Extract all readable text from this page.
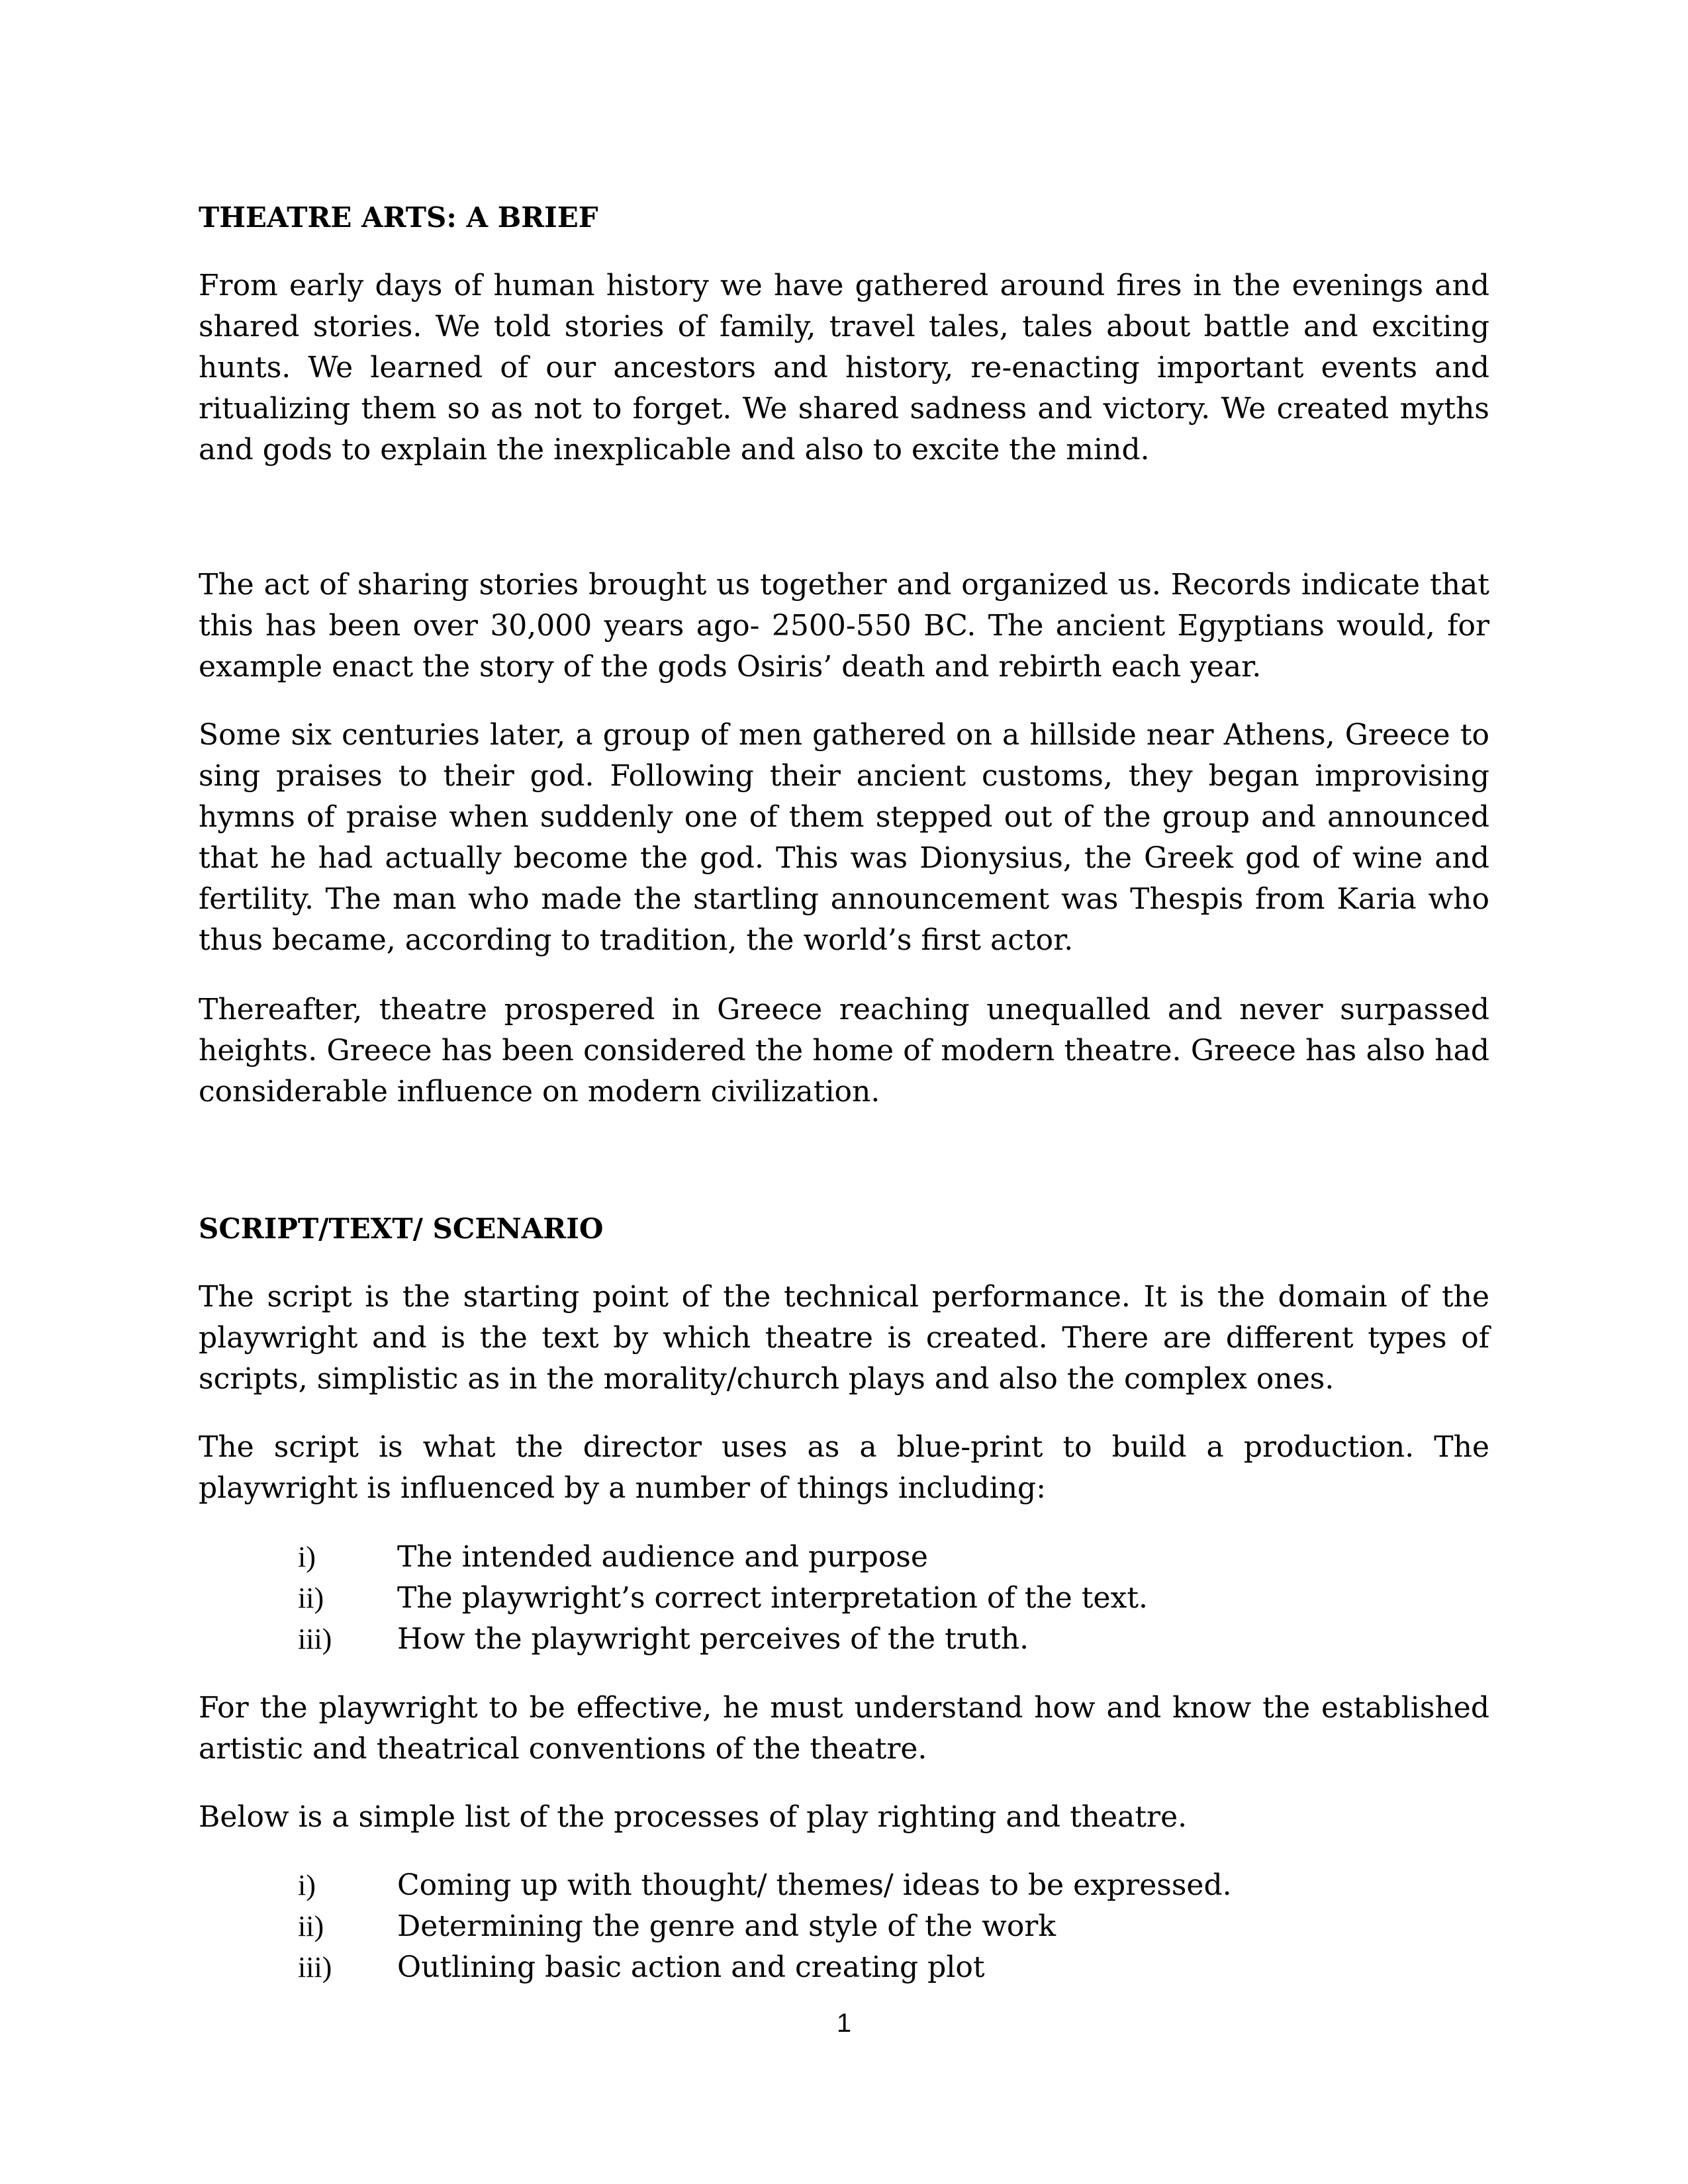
THEATRE ARTS: A BRIEF

From early days of human history we have gathered around fires in the evenings and shared stories. We told stories of family, travel tales, tales about battle and exciting hunts. We learned of our ancestors and history, re-enacting important events and ritualizing them so as not to forget. We shared sadness and victory. We created myths and gods to explain the inexplicable and also to excite the mind.

The act of sharing stories brought us together and organized us. Records indicate that this has been over 30,000 years ago- 2500-550 BC. The ancient Egyptians would, for example enact the story of the gods Osiris’ death and rebirth each year.

Some six centuries later, a group of men gathered on a hillside near Athens, Greece to sing praises to their god. Following their ancient customs, they began improvising hymns of praise when suddenly one of them stepped out of the group and announced that he had actually become the god. This was Dionysius, the Greek god of wine and fertility. The man who made the startling announcement was Thespis from Karia who thus became, according to tradition, the world’s first actor.

Thereafter, theatre prospered in Greece reaching unequalled and never surpassed heights. Greece has been considered the home of modern theatre. Greece has also had considerable influence on modern civilization.

SCRIPT/TEXT/ SCENARIO

The script is the starting point of the technical performance. It is the domain of the playwright and is the text by which theatre is created. There are different types of scripts, simplistic as in the morality/church plays and also the complex ones.

The script is what the director uses as a blue-print to build a production. The playwright is influenced by a number of things including:

i)	The intended audience and purpose
ii)	The playwright’s correct interpretation of the text.
iii)	How the playwright perceives of the truth.

For the playwright to be effective, he must understand how and know the established artistic and theatrical conventions of the theatre.

Below is a simple list of the processes of play righting and theatre.

i)	Coming up with thought/ themes/ ideas to be expressed.
ii)	Determining the genre and style of the work
iii)	Outlining basic action and creating plot
1
